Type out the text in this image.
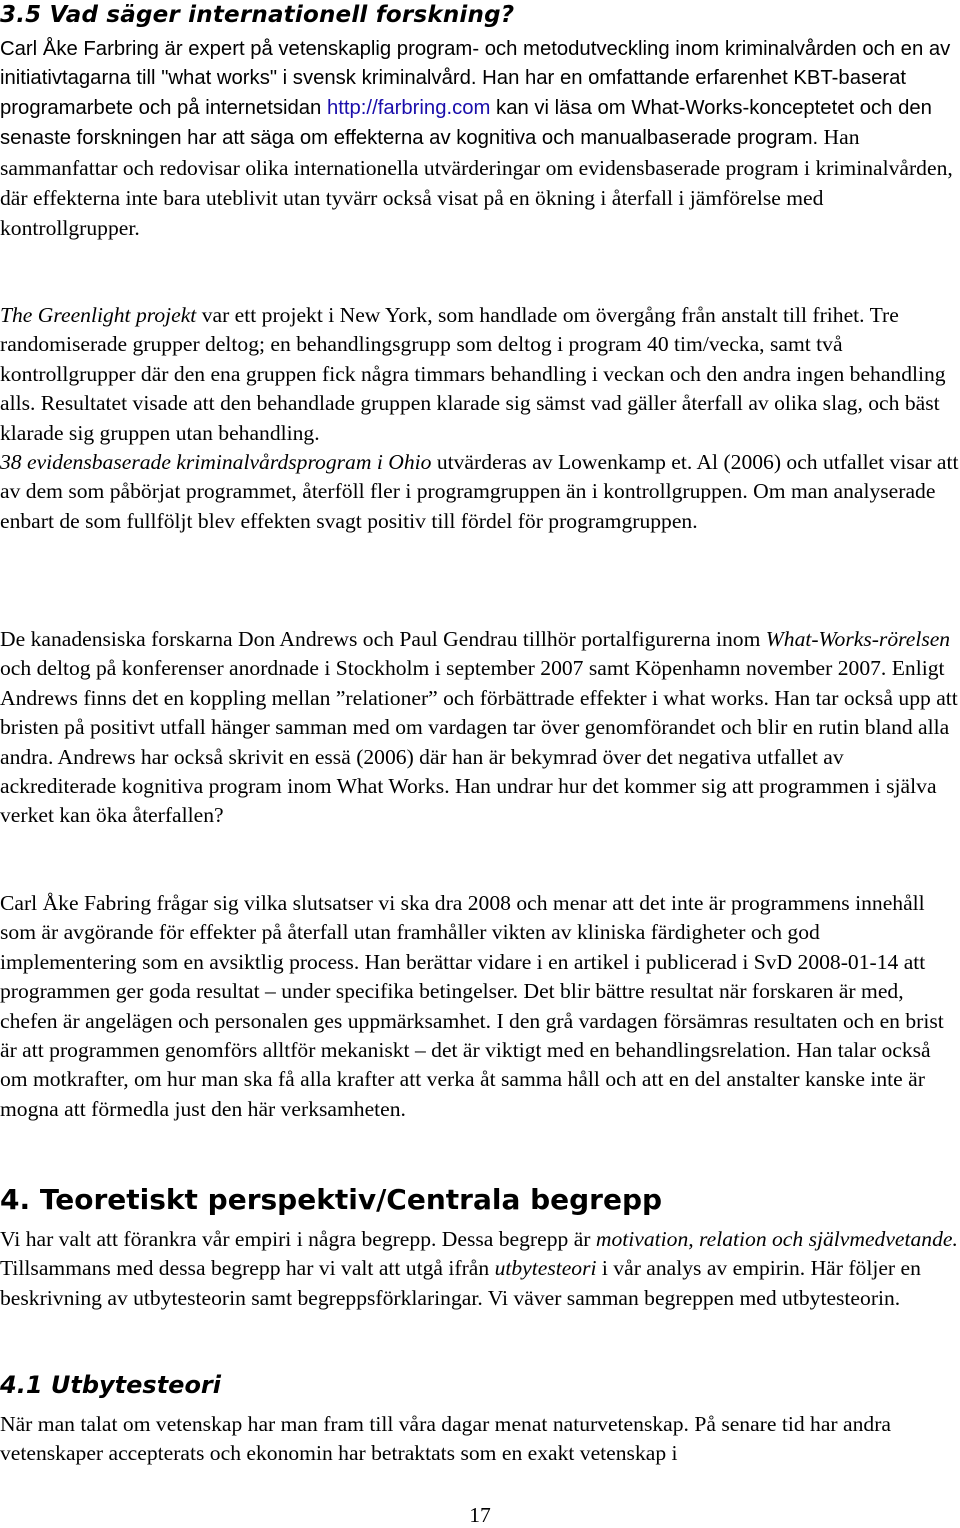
3.5 Vad säger internationell forskning?

Carl Åke Farbring är expert på vetenskaplig program- och metodutveckling inom kriminalvården och en av initiativtagarna till "what works" i svensk kriminalvård. Han har en omfattande erfarenhet KBT-baserat programarbete och på internetsidan http://farbring.com kan vi läsa om What-Works-konceptetet och den senaste forskningen har att säga om effekterna av kognitiva och manualbaserade program. Han sammanfattar och redovisar olika internationella utvärderingar om evidensbaserade program i kriminalvården, där effekterna inte bara uteblivit utan tyvärr också visat på en ökning i återfall i jämförelse med kontrollgrupper.

The Greenlight projekt var ett projekt i New York, som handlade om övergång från anstalt till frihet. Tre randomiserade grupper deltog; en behandlingsgrupp som deltog i program 40 tim/vecka, samt två kontrollgrupper där den ena gruppen fick några timmars behandling i veckan och den andra ingen behandling alls. Resultatet visade att den behandlade gruppen klarade sig sämst vad gäller återfall av olika slag, och bäst klarade sig gruppen utan behandling.
38 evidensbaserade kriminalvårdsprogram i Ohio utvärderas av Lowenkamp et. Al (2006) och utfallet visar att av dem som påbörjat programmet, återföll fler i programgruppen än i kontrollgruppen. Om man analyserade enbart de som fullföljt blev effekten svagt positiv till fördel för programgruppen.

De kanadensiska forskarna Don Andrews och Paul Gendrau tillhör portalfigurerna inom What-Works-rörelsen och deltog på konferenser anordnade i Stockholm i september 2007 samt Köpenhamn november 2007. Enligt Andrews finns det en koppling mellan ”relationer” och förbättrade effekter i what works. Han tar också upp att bristen på positivt utfall hänger samman med om vardagen tar över genomförandet och blir en rutin bland alla andra. Andrews har också skrivit en essä (2006) där han är bekymrad över det negativa utfallet av ackrediterade kognitiva program inom What Works. Han undrar hur det kommer sig att programmen i själva verket kan öka återfallen?

Carl Åke Fabring frågar sig vilka slutsatser vi ska dra 2008 och menar att det inte är programmens innehåll som är avgörande för effekter på återfall utan framhåller vikten av kliniska färdigheter och god implementering som en avsiktlig process. Han berättar vidare i en artikel i publicerad i SvD 2008-01-14 att programmen ger goda resultat – under specifika betingelser. Det blir bättre resultat när forskaren är med, chefen är angelägen och personalen ges uppmärksamhet. I den grå vardagen försämras resultaten och en brist är att programmen genomförs alltför mekaniskt – det är viktigt med en behandlingsrelation. Han talar också om motkrafter, om hur man ska få alla krafter att verka åt samma håll och att en del anstalter kanske inte är mogna att förmedla just den här verksamheten.

4. Teoretiskt perspektiv/Centrala begrepp

Vi har valt att förankra vår empiri i några begrepp. Dessa begrepp är motivation, relation och självmedvetande. Tillsammans med dessa begrepp har vi valt att utgå ifrån utbytesteori i vår analys av empirin. Här följer en beskrivning av utbytesteorin samt begreppsförklaringar. Vi väver samman begreppen med utbytesteorin.

4.1 Utbytesteori

När man talat om vetenskap har man fram till våra dagar menat naturvetenskap. På senare tid har andra vetenskaper accepterats och ekonomin har betraktats som en exakt vetenskap i

17
